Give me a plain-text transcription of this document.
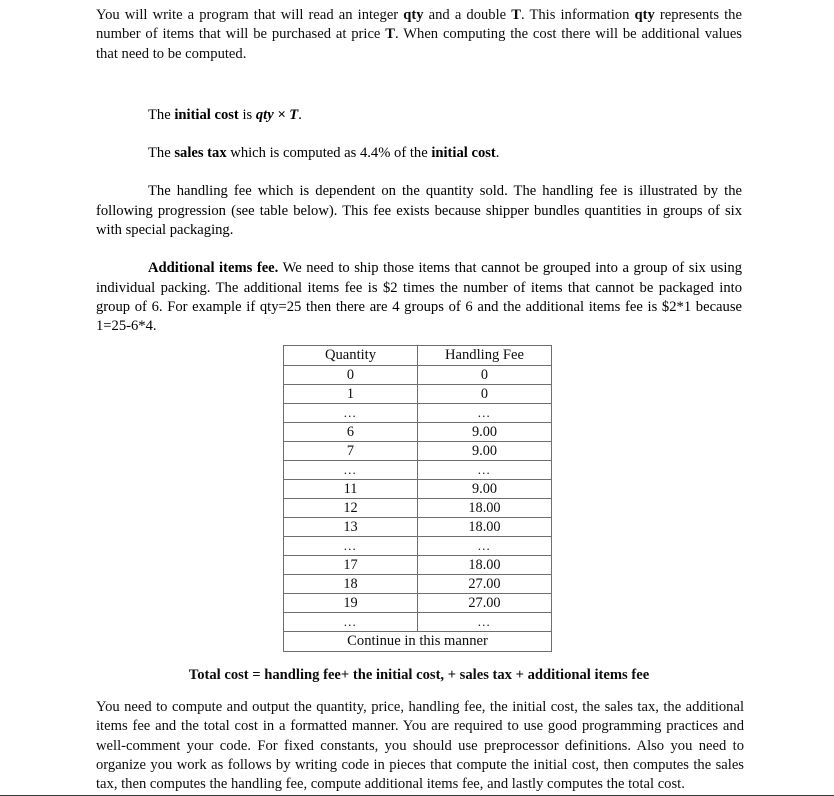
You will write a program that will read an integer qty and a double T. This information qty represents the number of items that will be purchased at price T. When computing the cost there will be additional values that need to be computed.

The initial cost is qty × T.

The sales tax which is computed as 4.4% of the initial cost.

The handling fee which is dependent on the quantity sold. The handling fee is illustrated by the following progression (see table below). This fee exists because shipper bundles quantities in groups of six with special packaging.

Additional items fee. We need to ship those items that cannot be grouped into a group of six using individual packing. The additional items fee is $2 times the number of items that cannot be packaged into group of 6. For example if qty=25 then there are 4 groups of 6 and the additional items fee is $2*1 because 1=25-6*4.

Quantity	Handling Fee
0	0
1	0
…	…
6	9.00
7	9.00
…	…
11	9.00
12	18.00
13	18.00
…	…
17	18.00
18	27.00
19	27.00
…	…
Continue in this manner	
Total cost = handling fee+ the initial cost, + sales tax + additional items fee

You need to compute and output the quantity, price, handling fee, the initial cost, the sales tax, the additional items fee and the total cost in a formatted manner. You are required to use good programming practices and well-comment your code. For fixed constants, you should use preprocessor definitions. Also you need to organize you work as follows by writing code in pieces that compute the initial cost, then computes the sales tax, then computes the handling fee, compute additional items fee, and lastly computes the total cost.
